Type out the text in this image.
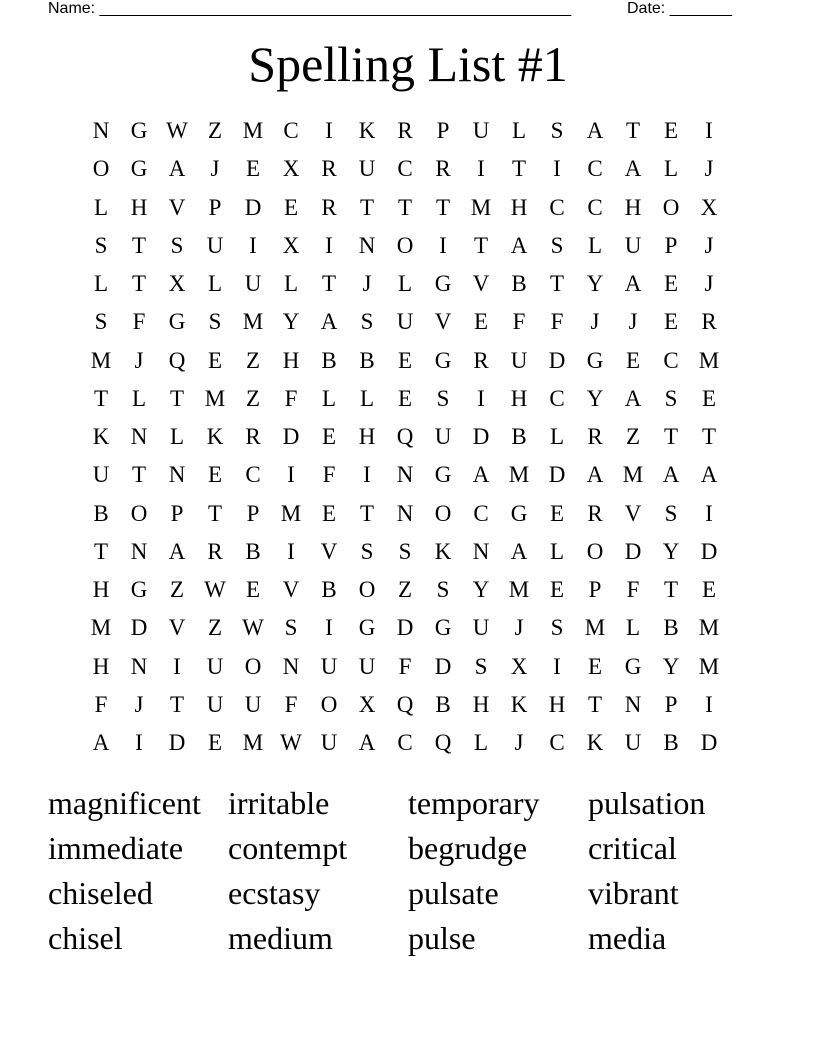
Name: _____________________________________________________	Date: _______
Spelling List #1
N G W Z M C	I	K R	P	U L	S	A T	E	I
O G A	J	E X R U C R	I	T	I	C A L	J
L H V	P	D E	R	T	T	T M H C C H O X
S	T	S	U	I	X	I	N O	I	T A	S	L U	P	J
L	T X L U L	T	J	L G V B	T Y A E	J
S	F	G	S M Y A	S	U V E	F	F	J	J	E	R
M	J	Q E	Z H B B	E G R U D G E	C M
T	L	T M Z	F	L	L	E	S	I	H C Y A	S	E
K N L K R D E H Q U D B	L	R	Z	T	T
U T N E	C	I	F	I	N G A M D A M A A
B O	P	T	P M E	T N O C G E	R V	S	I
T N A R B	I	V	S	S	K N A L O D Y D
H G Z W E V B O Z	S	Y M E	P	F	T	E
M D V Z W S	I	G D G U	J	S M L	B M
H N	I	U O N U U	F	D	S	X	I	E G Y M
F	J	T U U	F	O X Q B H K H T N	P	I
A	I	D E M W U A C Q L	J	C K U B D
magnificent irritable	temporary	pulsation
immediate	contempt	begrudge	critical
chiseled	ecstasy	pulsate	vibrant
chisel	medium	pulse	media
